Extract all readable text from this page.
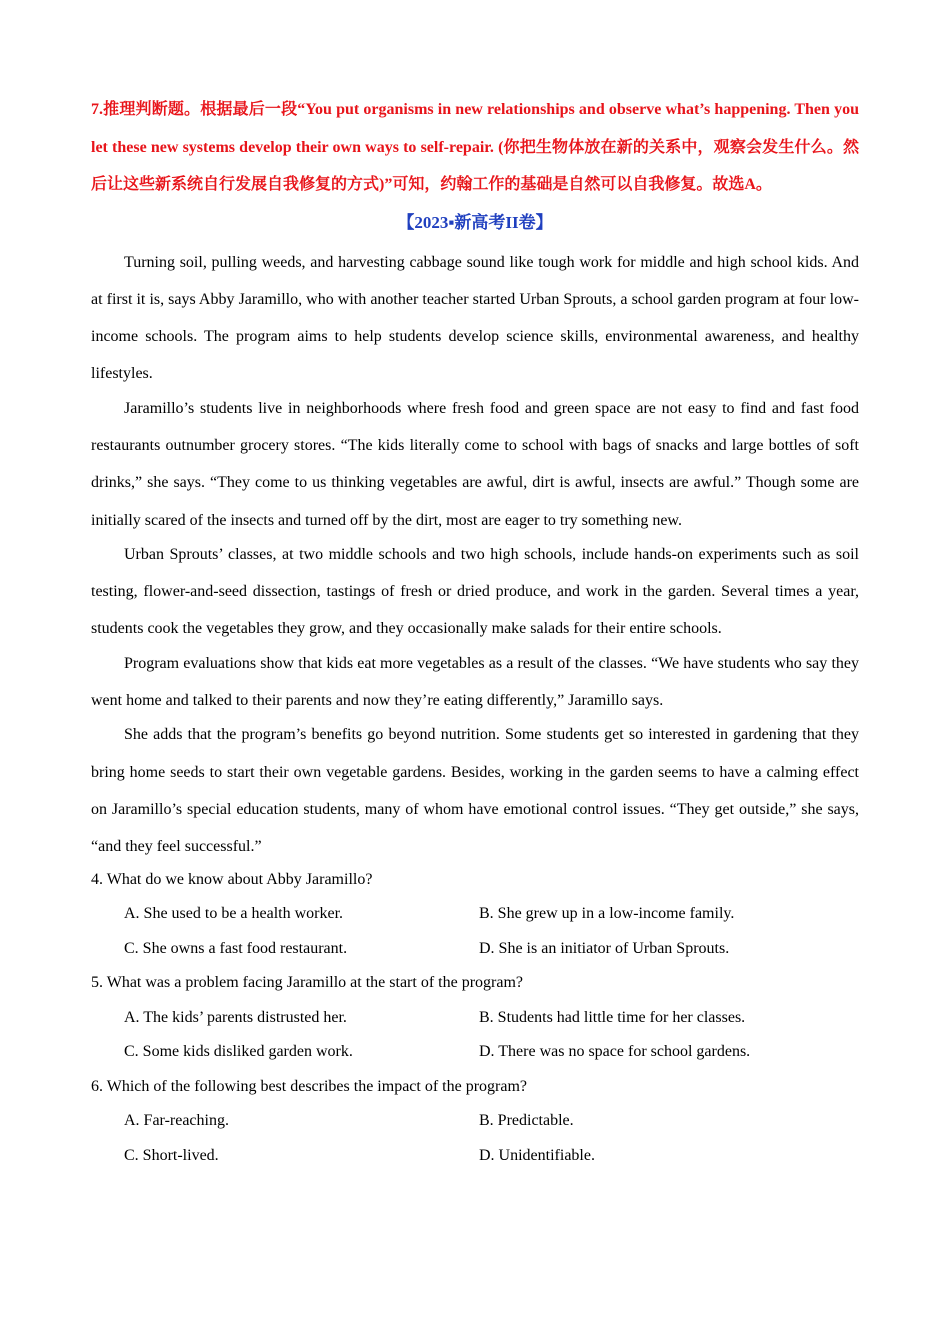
7.推理判断题。根据最后一段“You put organisms in new relationships and observe what’s happening. Then you let these new systems develop their own ways to self-repair. (你把生物体放在新的关系中，观察会发生什么。然后让这些新系统自行发展自我修复的方式)”可知，约翰工作的基础是自然可以自我修复。故选A。

【2023▪新高考II卷】

Turning soil, pulling weeds, and harvesting cabbage sound like tough work for middle and high school kids. And at first it is, says Abby Jaramillo, who with another teacher started Urban Sprouts, a school garden program at four low-income schools. The program aims to help students develop science skills, environmental awareness, and healthy lifestyles.

Jaramillo’s students live in neighborhoods where fresh food and green space are not easy to find and fast food restaurants outnumber grocery stores. “The kids literally come to school with bags of snacks and large bottles of soft drinks,” she says. “They come to us thinking vegetables are awful, dirt is awful, insects are awful.” Though some are initially scared of the insects and turned off by the dirt, most are eager to try something new.

Urban Sprouts’ classes, at two middle schools and two high schools, include hands-on experiments such as soil testing, flower-and-seed dissection, tastings of fresh or dried produce, and work in the garden. Several times a year, students cook the vegetables they grow, and they occasionally make salads for their entire schools.

Program evaluations show that kids eat more vegetables as a result of the classes. “We have students who say they went home and talked to their parents and now they’re eating differently,” Jaramillo says.

She adds that the program’s benefits go beyond nutrition. Some students get so interested in gardening that they bring home seeds to start their own vegetable gardens. Besides, working in the garden seems to have a calming effect on Jaramillo’s special education students, many of whom have emotional control issues. “They get outside,” she says, “and they feel successful.”

4. What do we know about Abby Jaramillo?

A. She used to be a health worker.	B. She grew up in a low-income family.
C. She owns a fast food restaurant.	D. She is an initiator of Urban Sprouts.

5. What was a problem facing Jaramillo at the start of the program?

A. The kids’ parents distrusted her.	B. Students had little time for her classes.
C. Some kids disliked garden work.	D. There was no space for school gardens.

6. Which of the following best describes the impact of the program?

A. Far-reaching.	B. Predictable.
C. Short-lived.	D. Unidentifiable.
